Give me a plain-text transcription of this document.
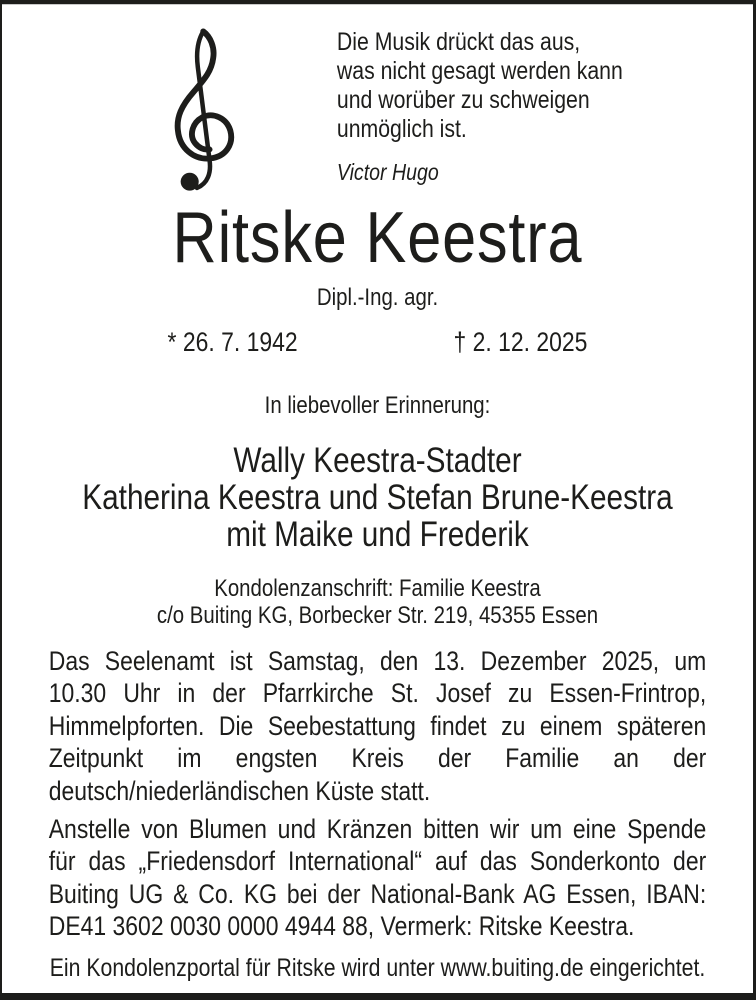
Die Musik drückt das aus,
was nicht gesagt werden kann
und worüber zu schweigen
unmöglich ist.
Victor Hugo
Ritske Keestra
Dipl.-Ing. agr.
* 26. 7. 1942	† 2. 12. 2025
In liebevoller Erinnerung:
Wally Keestra-Stadter
Katherina Keestra und Stefan Brune-Keestra
mit Maike und Frederik
Kondolenzanschrift: Familie Keestra
c/o Buiting KG, Borbecker Str. 219, 45355 Essen
Das Seelenamt ist Samstag, den 13. Dezember 2025, um
10.30 Uhr in der Pfarrkirche St. Josef zu Essen-Frintrop,
Himmelpforten. Die Seebestattung findet zu einem späteren
Zeitpunkt im engsten Kreis der Familie an der
deutsch/niederländischen Küste statt.
Anstelle von Blumen und Kränzen bitten wir um eine Spende
für das „Friedensdorf International“ auf das Sonderkonto der
Buiting UG & Co. KG bei der National-Bank AG Essen, IBAN:
DE41 3602 0030 0000 4944 88, Vermerk: Ritske Keestra.
Ein Kondolenzportal für Ritske wird unter www.buiting.de eingerichtet.
